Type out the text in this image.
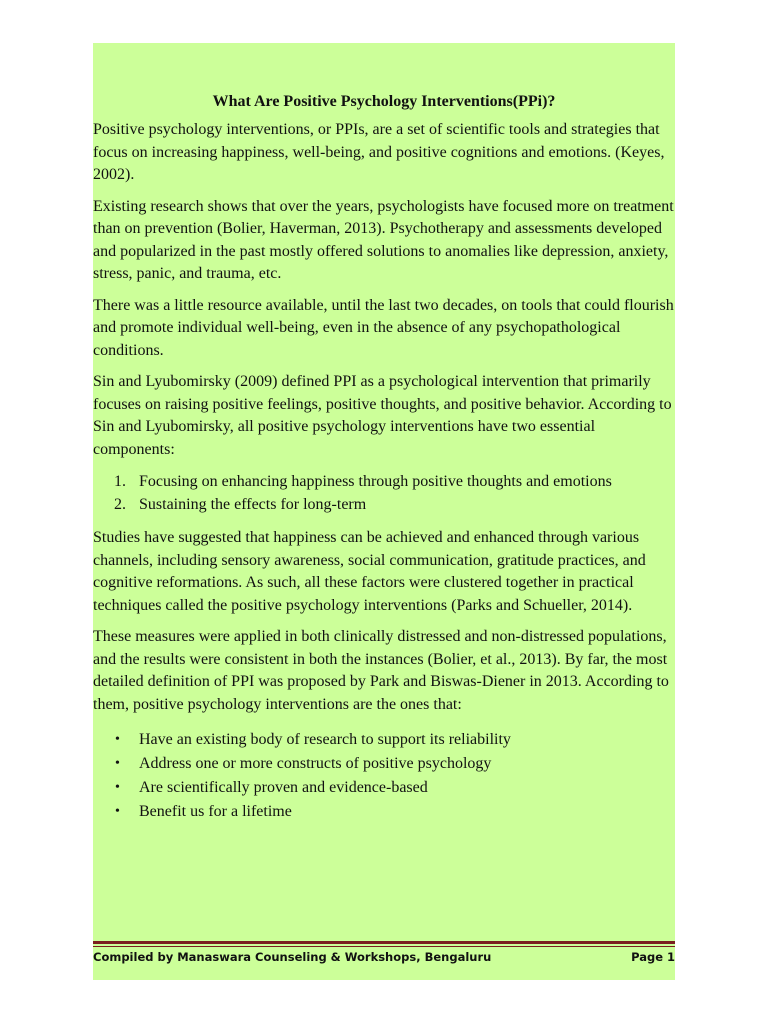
What Are Positive Psychology Interventions(PPi)?

Positive psychology interventions, or PPIs, are a set of scientific tools and strategies that focus on increasing happiness, well-being, and positive cognitions and emotions. (Keyes, 2002).

Existing research shows that over the years, psychologists have focused more on treatment than on prevention (Bolier, Haverman, 2013). Psychotherapy and assessments developed and popularized in the past mostly offered solutions to anomalies like depression, anxiety, stress, panic, and trauma, etc.

There was a little resource available, until the last two decades, on tools that could flourish and promote individual well-being, even in the absence of any psychopathological conditions.

Sin and Lyubomirsky (2009) defined PPI as a psychological intervention that primarily focuses on raising positive feelings, positive thoughts, and positive behavior. According to Sin and Lyubomirsky, all positive psychology interventions have two essential components:

1. Focusing on enhancing happiness through positive thoughts and emotions
2. Sustaining the effects for long-term

Studies have suggested that happiness can be achieved and enhanced through various channels, including sensory awareness, social communication, gratitude practices, and cognitive reformations. As such, all these factors were clustered together in practical techniques called the positive psychology interventions (Parks and Schueller, 2014).

These measures were applied in both clinically distressed and non-distressed populations, and the results were consistent in both the instances (Bolier, et al., 2013). By far, the most detailed definition of PPI was proposed by Park and Biswas-Diener in 2013. According to them, positive psychology interventions are the ones that:

• Have an existing body of research to support its reliability
• Address one or more constructs of positive psychology
• Are scientifically proven and evidence-based
• Benefit us for a lifetime
Compiled by Manaswara Counseling & Workshops, Bengaluru	Page 1
